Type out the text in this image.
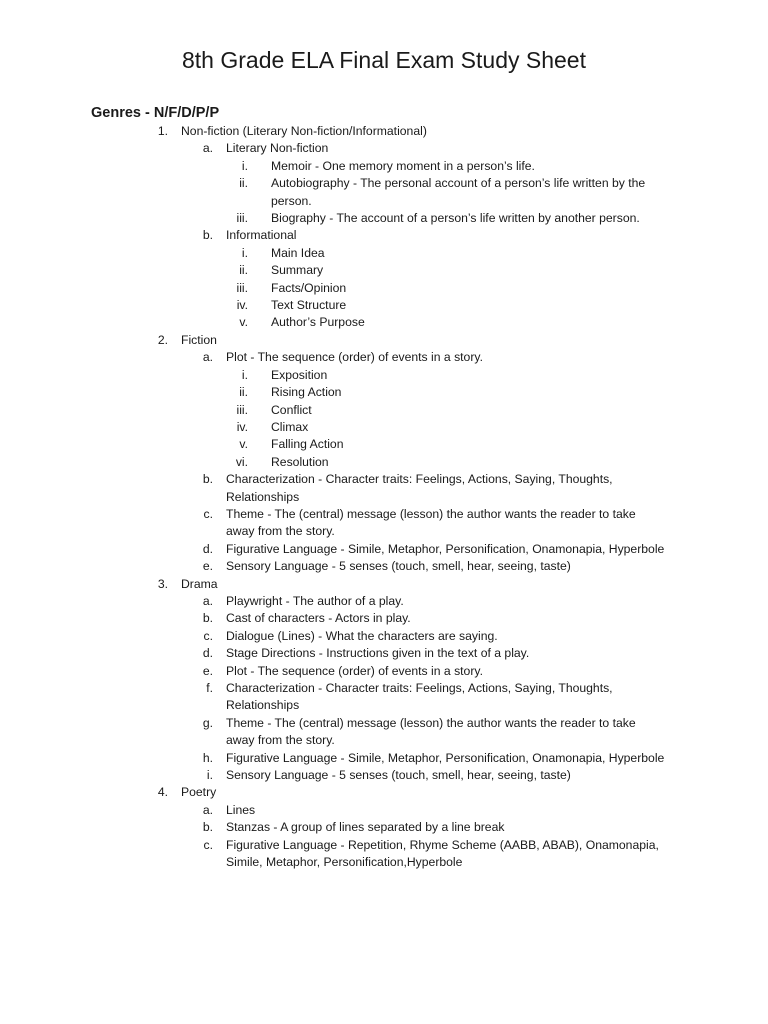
8th Grade ELA Final Exam Study Sheet
Genres - N/F/D/P/P
1. Non-fiction (Literary Non-fiction/Informational)
a. Literary Non-fiction
i. Memoir - One memory moment in a person’s life.
ii. Autobiography - The personal account of a person’s life written by the person.
iii. Biography - The account of a person’s life written by another person.
b. Informational
i. Main Idea
ii. Summary
iii. Facts/Opinion
iv. Text Structure
v. Author’s Purpose
2. Fiction
a. Plot - The sequence (order) of events in a story.
i. Exposition
ii. Rising Action
iii. Conflict
iv. Climax
v. Falling Action
vi. Resolution
b. Characterization - Character traits: Feelings, Actions, Saying, Thoughts, Relationships
c. Theme - The (central) message (lesson) the author wants the reader to take away from the story.
d. Figurative Language - Simile, Metaphor, Personification, Onamonapia, Hyperbole
e. Sensory Language - 5 senses (touch, smell, hear, seeing, taste)
3. Drama
a. Playwright - The author of a play.
b. Cast of characters - Actors in play.
c. Dialogue (Lines) - What the characters are saying.
d. Stage Directions - Instructions given in the text of a play.
e. Plot - The sequence (order) of events in a story.
f. Characterization - Character traits: Feelings, Actions, Saying, Thoughts, Relationships
g. Theme - The (central) message (lesson) the author wants the reader to take away from the story.
h. Figurative Language - Simile, Metaphor, Personification, Onamonapia, Hyperbole
i. Sensory Language - 5 senses (touch, smell, hear, seeing, taste)
4. Poetry
a. Lines
b. Stanzas - A group of lines separated by a line break
c. Figurative Language - Repetition, Rhyme Scheme (AABB, ABAB), Onamonapia, Simile, Metaphor, Personification,Hyperbole
